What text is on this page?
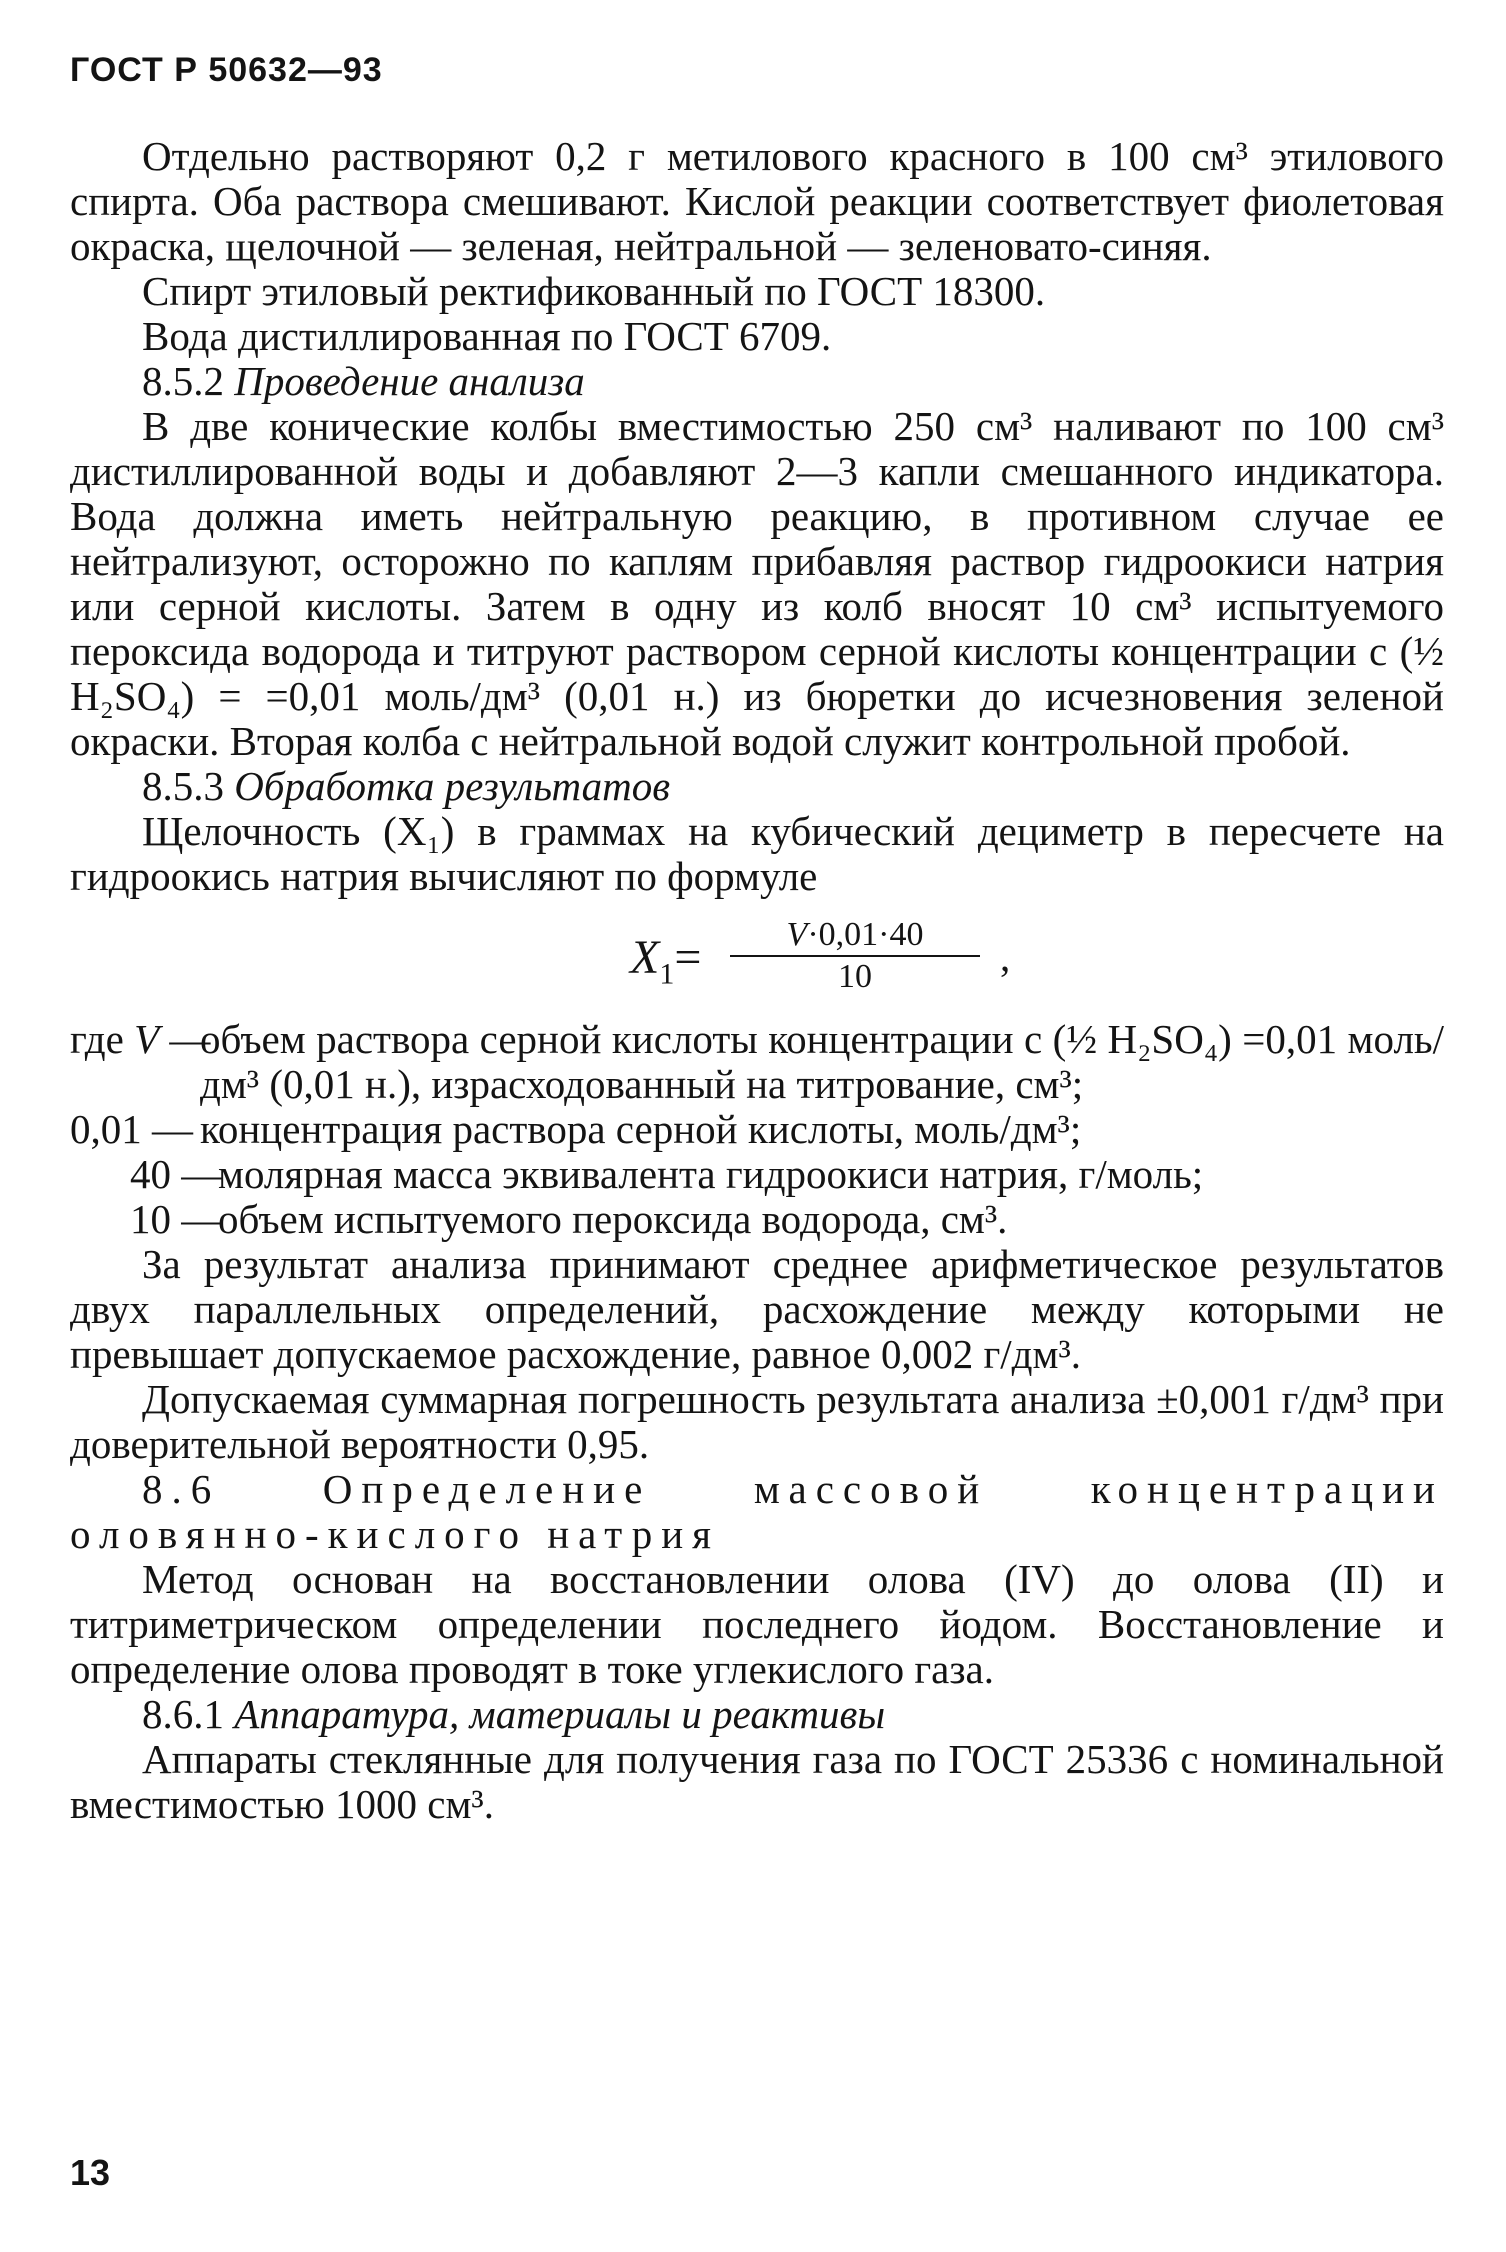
ГОСТ Р 50632—93

Отдельно растворяют 0,2 г метилового красного в 100 см³ этилового спирта. Оба раствора смешивают. Кислой реакции соответствует фиолетовая окраска, щелочной — зеленая, нейтральной — зеленовато-синяя.

Спирт этиловый ректификованный по ГОСТ 18300.

Вода дистиллированная по ГОСТ 6709.

8.5.2 Проведение анализа

В две конические колбы вместимостью 250 см³ наливают по 100 см³ дистиллированной воды и добавляют 2—3 капли смешанного индикатора. Вода должна иметь нейтральную реакцию, в противном случае ее нейтрализуют, осторожно по каплям прибавляя раствор гидроокиси натрия или серной кислоты. Затем в одну из колб вносят 10 см³ испытуемого пероксида водорода и титруют раствором серной кислоты концентрации с (½ H₂SO₄) = =0,01 моль/дм³ (0,01 н.) из бюретки до исчезновения зеленой окраски. Вторая колба с нейтральной водой служит контрольной пробой.

8.5.3 Обработка результатов

Щелочность (X₁) в граммах на кубический дециметр в пересчете на гидроокись натрия вычисляют по формуле

$X_1= \frac{V\cdot 0,01\cdot 40}{10}$ ,
где V —
объем раствора серной кислоты концентрации с (½ H₂SO₄) =0,01 моль/дм³ (0,01 н.), израсходованный на титрование, см³;
0,01 — концентрация раствора серной кислоты, моль/дм³;
40 —
молярная масса эквивалента гидроокиси натрия, г/моль;
10 —
объем испытуемого пероксида водорода, см³.

За результат анализа принимают среднее арифметическое результатов двух параллельных определений, расхождение между которыми не превышает допускаемое расхождение, равное 0,002 г/дм³.

Допускаемая суммарная погрешность результата анализа ±0,001 г/дм³ при доверительной вероятности 0,95.

8.6 Определение массовой концентрации оловянно-кислого натрия

Метод основан на восстановлении олова (IV) до олова (II) и титриметрическом определении последнего йодом. Восстановление и определение олова проводят в токе углекислого газа.

8.6.1 Аппаратура, материалы и реактивы

Аппараты стеклянные для получения газа по ГОСТ 25336 с номинальной вместимостью 1000 см³.

13
